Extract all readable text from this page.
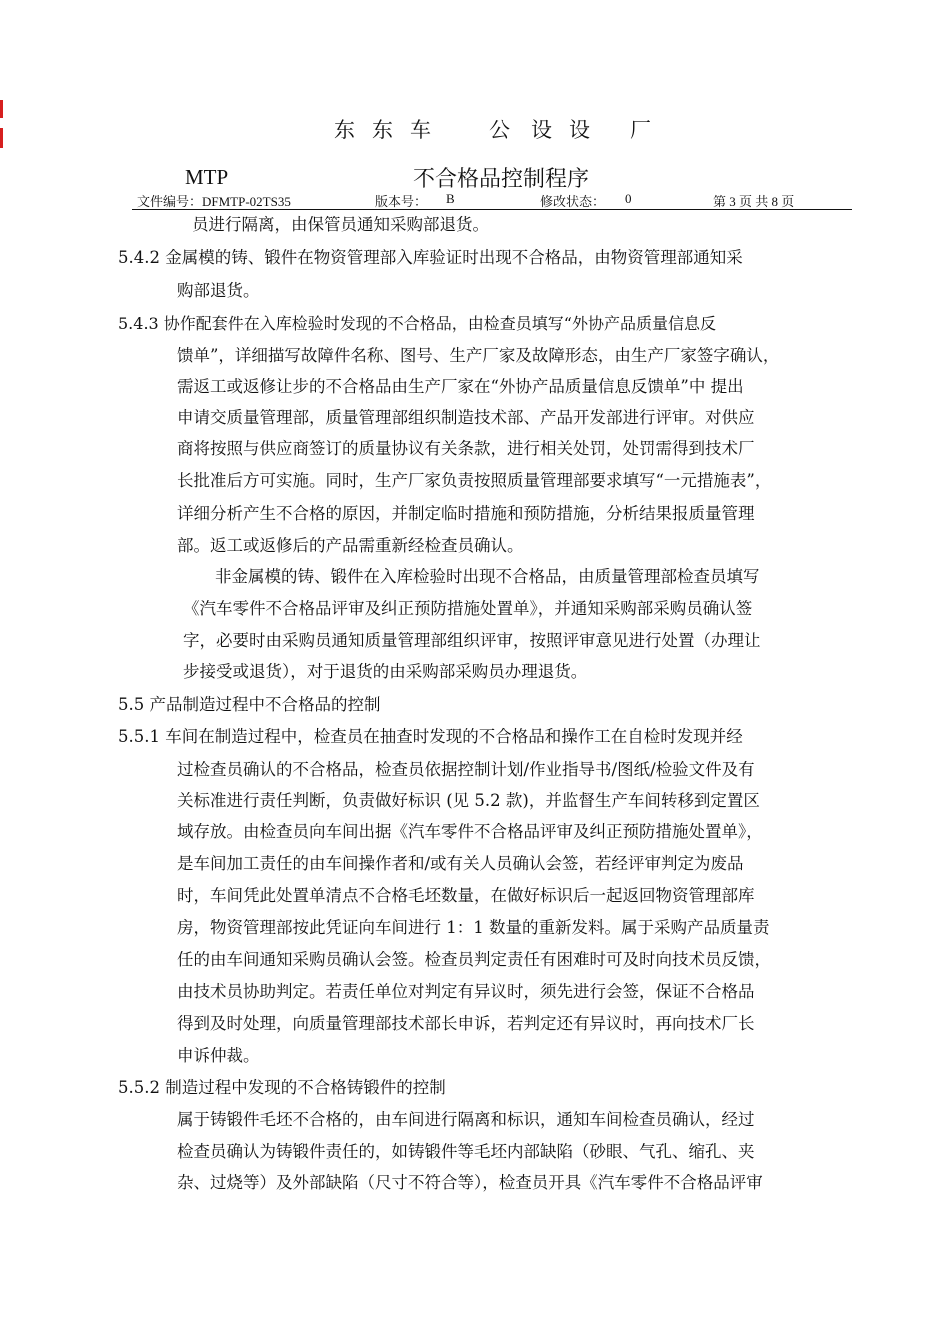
东 东 车	公 设 设 厂
MTP	不合格品控制程序
文件编号：DFMTP-02TS35	版本号： B	修改状态： 0	第 3 页 共 8 页
员进行隔离，由保管员通知采购部退货。
5.4.2 金属模的铸、锻件在物资管理部入库验证时出现不合格品，由物资管理部通知采
购部退货。
5.4.3 协作配套件在入库检验时发现的不合格品，由检查员填写“外协产品质量信息反
馈单”，详细描写故障件名称、图号、生产厂家及故障形态，由生产厂家签字确认，
需返工或返修让步的不合格品由生产厂家在“外协产品质量信息反馈单”中 提出
申请交质量管理部，质量管理部组织制造技术部、产品开发部进行评审。对供应
商将按照与供应商签订的质量协议有关条款，进行相关处罚，处罚需得到技术厂
长批准后方可实施。同时，生产厂家负责按照质量管理部要求填写“一元措施表”，
详细分析产生不合格的原因，并制定临时措施和预防措施，分析结果报质量管理
部。返工或返修后的产品需重新经检查员确认。
非金属模的铸、锻件在入库检验时出现不合格品，由质量管理部检查员填写
《汽车零件不合格品评审及纠正预防措施处置单》，并通知采购部采购员确认签
字，必要时由采购员通知质量管理部组织评审，按照评审意见进行处置（办理让
步接受或退货），对于退货的由采购部采购员办理退货。
5.5 产品制造过程中不合格品的控制
5.5.1 车间在制造过程中，检查员在抽查时发现的不合格品和操作工在自检时发现并经
过检查员确认的不合格品，检查员依据控制计划/作业指导书/图纸/检验文件及有
关标准进行责任判断，负责做好标识 (见 5.2 款)，并监督生产车间转移到定置区
域存放。由检查员向车间出据《汽车零件不合格品评审及纠正预防措施处置单》，
是车间加工责任的由车间操作者和/或有关人员确认会签，若经评审判定为废品
时，车间凭此处置单清点不合格毛坯数量，在做好标识后一起返回物资管理部库
房，物资管理部按此凭证向车间进行 1：1 数量的重新发料。属于采购产品质量责
任的由车间通知采购员确认会签。检查员判定责任有困难时可及时向技术员反馈，
由技术员协助判定。若责任单位对判定有异议时，须先进行会签，保证不合格品
得到及时处理，向质量管理部技术部长申诉，若判定还有异议时，再向技术厂长
申诉仲裁。
5.5.2 制造过程中发现的不合格铸锻件的控制
属于铸锻件毛坯不合格的，由车间进行隔离和标识，通知车间检查员确认，经过
检查员确认为铸锻件责任的，如铸锻件等毛坯内部缺陷（砂眼、气孔、缩孔、夹
杂、过烧等）及外部缺陷（尺寸不符合等），检查员开具《汽车零件不合格品评审
